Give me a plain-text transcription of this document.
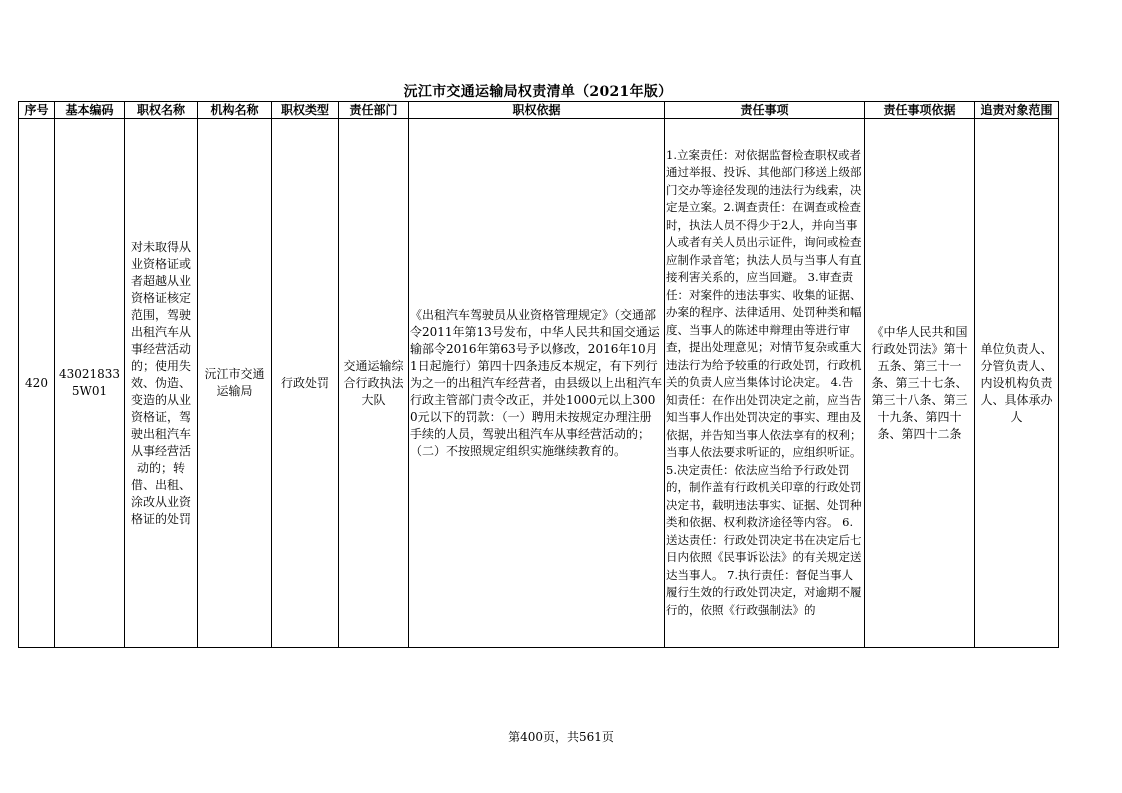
沅江市交通运输局权责清单（2021年版）
序号	基本编码	职权名称	机构名称	职权类型	责任部门	职权依据	责任事项	责任事项依据	追责对象范围
420	430218335W01	对未取得从业资格证或者超越从业资格证核定范围，驾驶出租汽车从事经营活动的；使用失效、伪造、变造的从业资格证，驾驶出租汽车从事经营活动的；转借、出租、涂改从业资格证的处罚	沅江市交通运输局	行政处罚	交通运输综合行政执法大队	《出租汽车驾驶员从业资格管理规定》（交通部令2011年第13号发布，中华人民共和国交通运输部令2016年第63号予以修改，2016年10月1日起施行）第四十四条违反本规定，有下列行为之一的出租汽车经营者，由县级以上出租汽车行政主管部门责令改正，并处1000元以上3000元以下的罚款：（一）聘用未按规定办理注册手续的人员，驾驶出租汽车从事经营活动的；（二）不按照规定组织实施继续教育的。	1.立案责任：对依据监督检查职权或者通过举报、投诉、其他部门移送上级部门交办等途径发现的违法行为线索，决定是立案。2.调查责任：在调查或检查时，执法人员不得少于2人，并向当事人或者有关人员出示证件，询问或检查应制作录音笔；执法人员与当事人有直接利害关系的，应当回避。 3.审查责任：对案件的违法事实、收集的证据、办案的程序、法律适用、处罚种类和幅度、当事人的陈述申辩理由等进行审查，提出处理意见；对情节复杂或重大违法行为给予较重的行政处罚，行政机关的负责人应当集体讨论决定。 4.告知责任：在作出处罚决定之前，应当告知当事人作出处罚决定的事实、理由及依据，并告知当事人依法享有的权利；当事人依法要求听证的，应组织听证。 5.决定责任：依法应当给予行政处罚的，制作盖有行政机关印章的行政处罚决定书，载明违法事实、证据、处罚种类和依据、权利救济途径等内容。 6.送达责任：行政处罚决定书在决定后七日内依照《民事诉讼法》的有关规定送达当事人。 7.执行责任：督促当事人履行生效的行政处罚决定，对逾期不履行的，依照《行政强制法》的	《中华人民共和国行政处罚法》第十五条、第三十一条、第三十七条、第三十八条、第三十九条、第四十条、第四十二条	单位负责人、分管负责人、内设机构负责人、具体承办人
第400页，共561页
